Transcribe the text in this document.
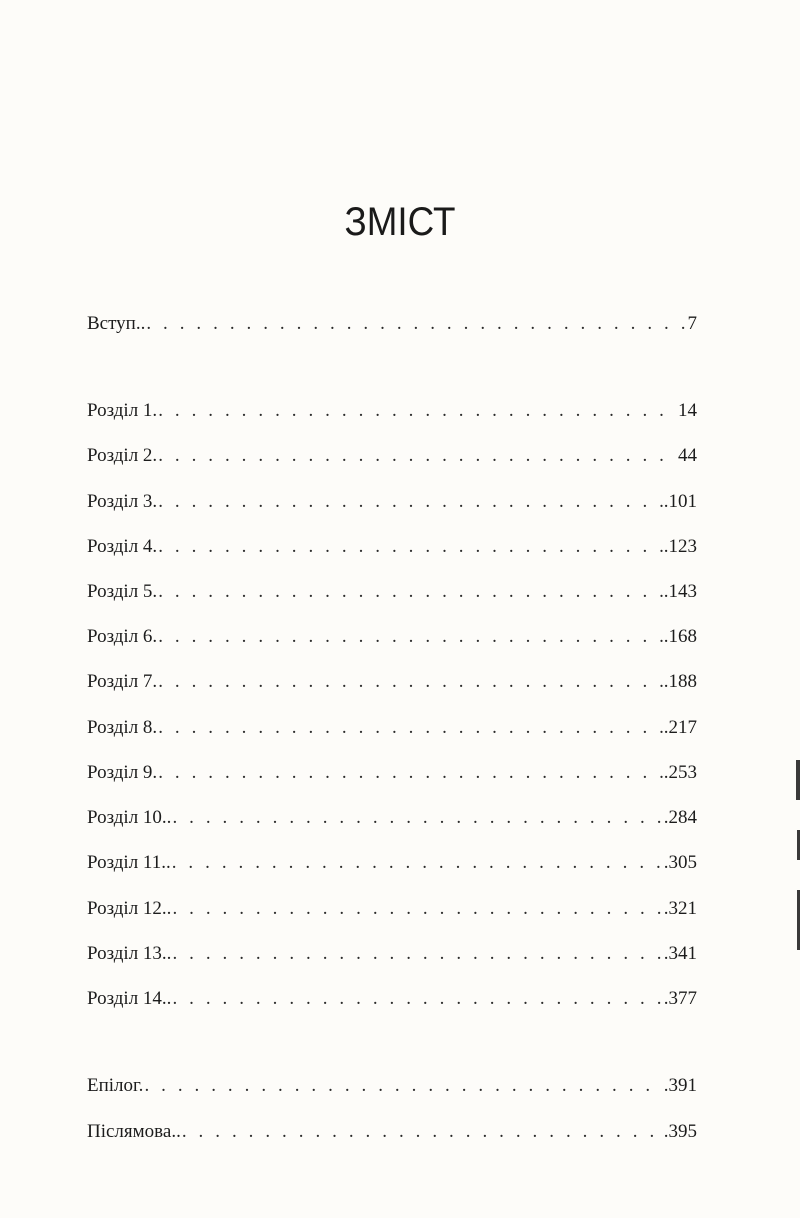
ЗМІСТ
Вступ.. . . .	7
Розділ 1. . . .	14
Розділ 2. . . .	44
Розділ 3. . . .	.101
Розділ 4. . . .	.123
Розділ 5. . . .	.143
Розділ 6. . . .	.168
Розділ 7. . . .	.188
Розділ 8. . . .	.217
Розділ 9. . . .	.253
Розділ 10.. . . .	.284
Розділ 11.. . . .	.305
Розділ 12.. . . .	.321
Розділ 13.. . . .	.341
Розділ 14.. . . .	.377
Епілог. . . .	.391
Післямова.. . . .	.395
